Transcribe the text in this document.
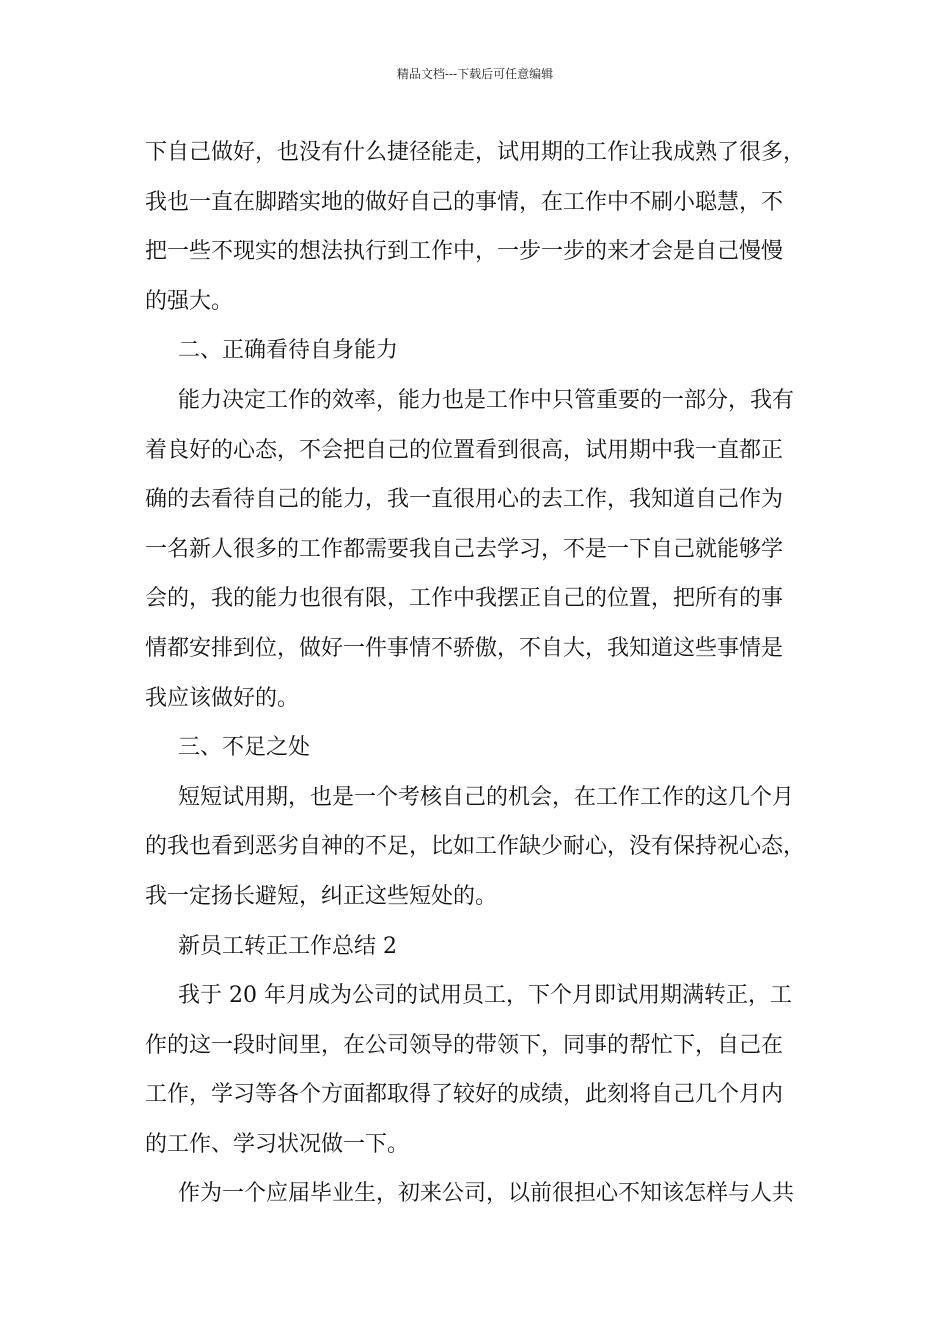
精品文档---下载后可任意编辑
下自己做好，也没有什么捷径能走，试用期的工作让我成熟了很多，
我也一直在脚踏实地的做好自己的事情，在工作中不刷小聪慧，不
把一些不现实的想法执行到工作中，一步一步的来才会是自己慢慢
的强大。
二、正确看待自身能力
能力决定工作的效率，能力也是工作中只管重要的一部分，我有
着良好的心态，不会把自己的位置看到很高，试用期中我一直都正
确的去看待自己的能力，我一直很用心的去工作，我知道自己作为
一名新人很多的工作都需要我自己去学习，不是一下自己就能够学
会的，我的能力也很有限，工作中我摆正自己的位置，把所有的事
情都安排到位，做好一件事情不骄傲，不自大，我知道这些事情是
我应该做好的。
三、不足之处
短短试用期，也是一个考核自己的机会，在工作工作的这几个月
的我也看到恶劣自神的不足，比如工作缺少耐心，没有保持祝心态，
我一定扬长避短，纠正这些短处的。
新员工转正工作总结 2
我于 20 年月成为公司的试用员工，下个月即试用期满转正，工
作的这一段时间里，在公司领导的带领下，同事的帮忙下，自己在
工作，学习等各个方面都取得了较好的成绩，此刻将自己几个月内
的工作、学习状况做一下。
作为一个应届毕业生，初来公司，以前很担心不知该怎样与人共
